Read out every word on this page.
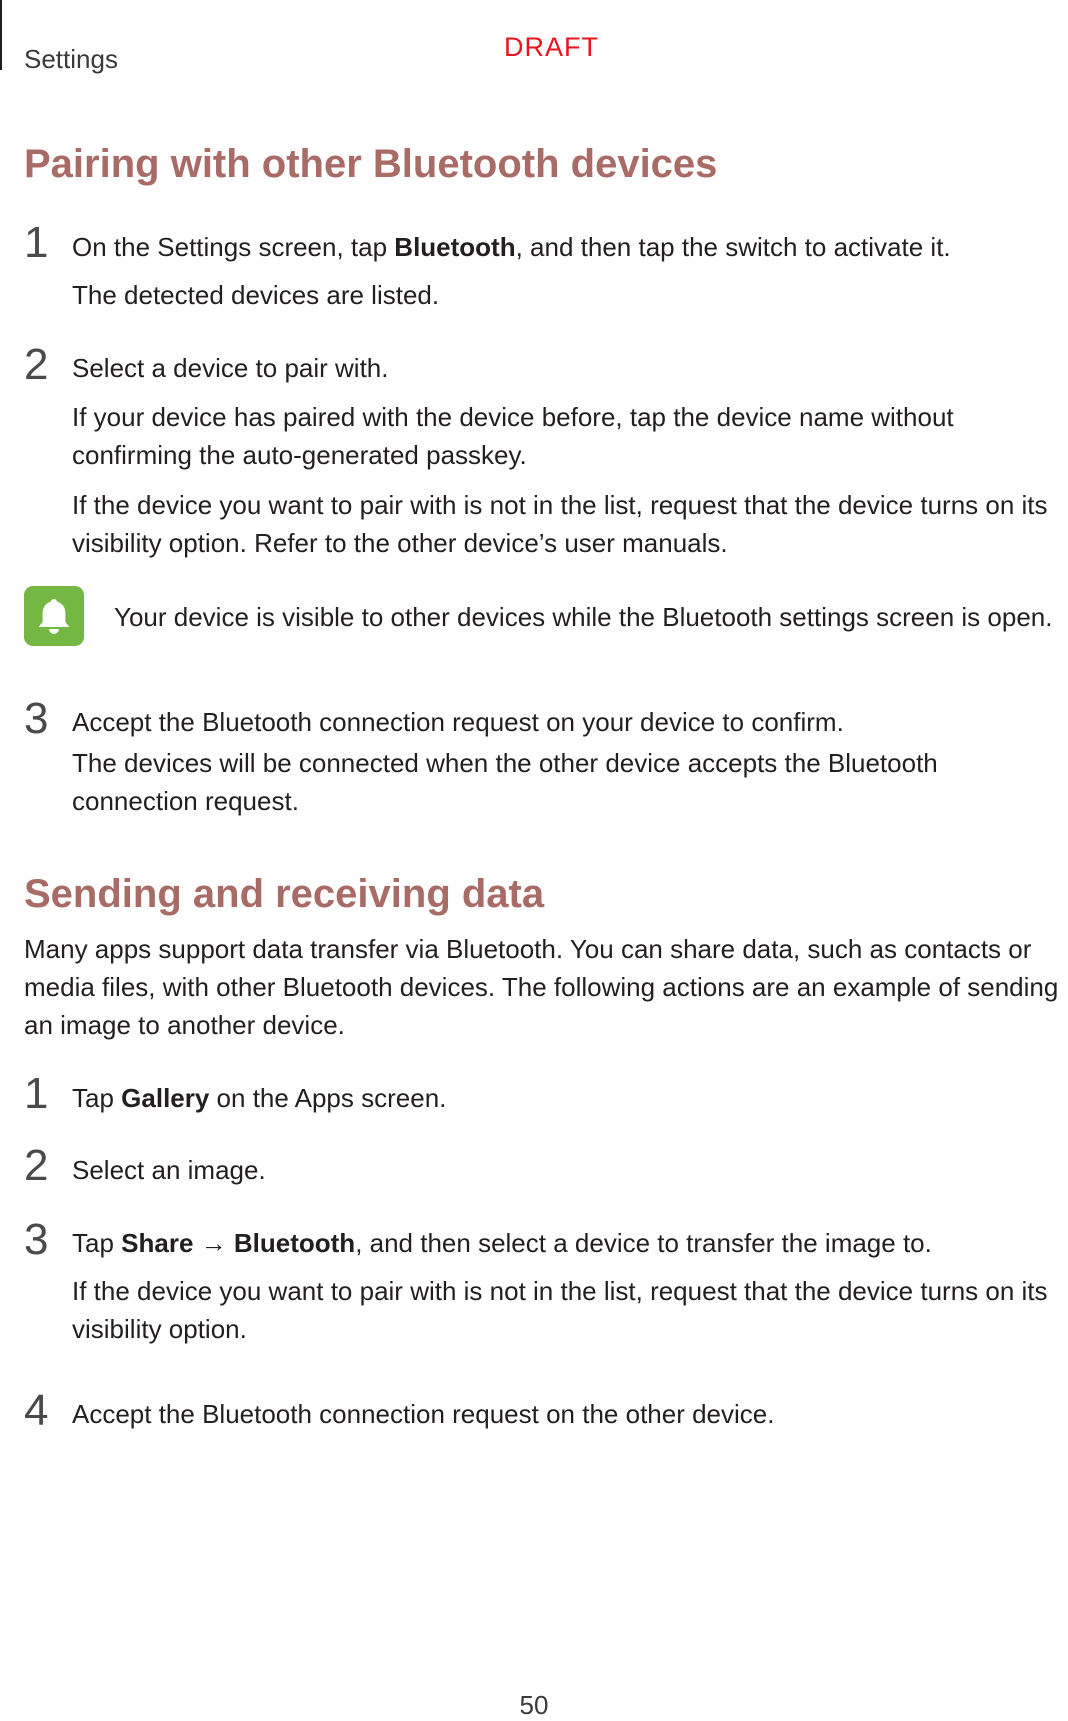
Settings	DRAFT
Pairing with other Bluetooth devices
1 On the Settings screen, tap Bluetooth, and then tap the switch to activate it.
The detected devices are listed.
2 Select a device to pair with.
If your device has paired with the device before, tap the device name without confirming the auto-generated passkey.
If the device you want to pair with is not in the list, request that the device turns on its visibility option. Refer to the other device’s user manuals.
Your device is visible to other devices while the Bluetooth settings screen is open.
3 Accept the Bluetooth connection request on your device to confirm.
The devices will be connected when the other device accepts the Bluetooth connection request.
Sending and receiving data
Many apps support data transfer via Bluetooth. You can share data, such as contacts or media files, with other Bluetooth devices. The following actions are an example of sending an image to another device.
1 Tap Gallery on the Apps screen.
2 Select an image.
3 Tap Share → Bluetooth, and then select a device to transfer the image to.
If the device you want to pair with is not in the list, request that the device turns on its visibility option.
4 Accept the Bluetooth connection request on the other device.
50
